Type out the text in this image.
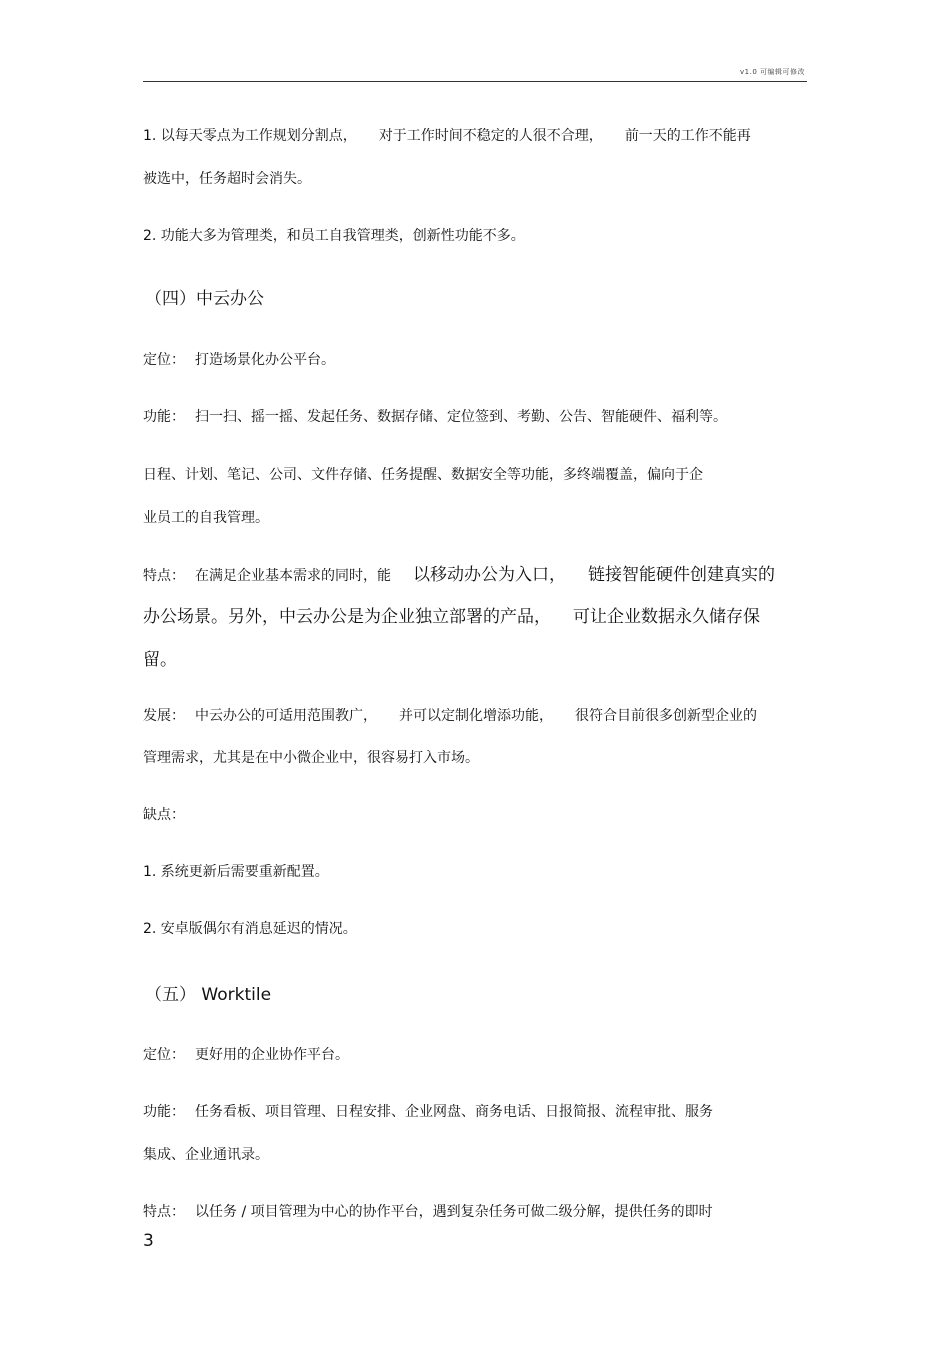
v1.0 可编辑可修改
1. 以每天零点为工作规划分割点， 对于工作时间不稳定的人很不合理， 前一天的工作不能再
被选中，任务超时会消失。
2. 功能大多为管理类，和员工自我管理类，创新性功能不多。
（四）中云办公
定位： 打造场景化办公平台。
功能： 扫一扫、摇一摇、发起任务、数据存储、定位签到、考勤、公告、智能硬件、福利等。
日程、计划、笔记、公司、文件存储、任务提醒、数据安全等功能，多终端覆盖，偏向于企
业员工的自我管理。
特点： 在满足企业基本需求的同时，能 以移动办公为入口， 链接智能硬件创建真实的
办公场景。另外，中云办公是为企业独立部署的产品， 可让企业数据永久储存保
留。
发展： 中云办公的可适用范围教广， 并可以定制化增添功能， 很符合目前很多创新型企业的
管理需求，尤其是在中小微企业中，很容易打入市场。
缺点：
1. 系统更新后需要重新配置。
2. 安卓版偶尔有消息延迟的情况。
（五） Worktile
定位： 更好用的企业协作平台。
功能： 任务看板、项目管理、日程安排、企业网盘、商务电话、日报简报、流程审批、服务
集成、企业通讯录。
特点： 以任务 / 项目管理为中心的协作平台，遇到复杂任务可做二级分解，提供任务的即时
3
